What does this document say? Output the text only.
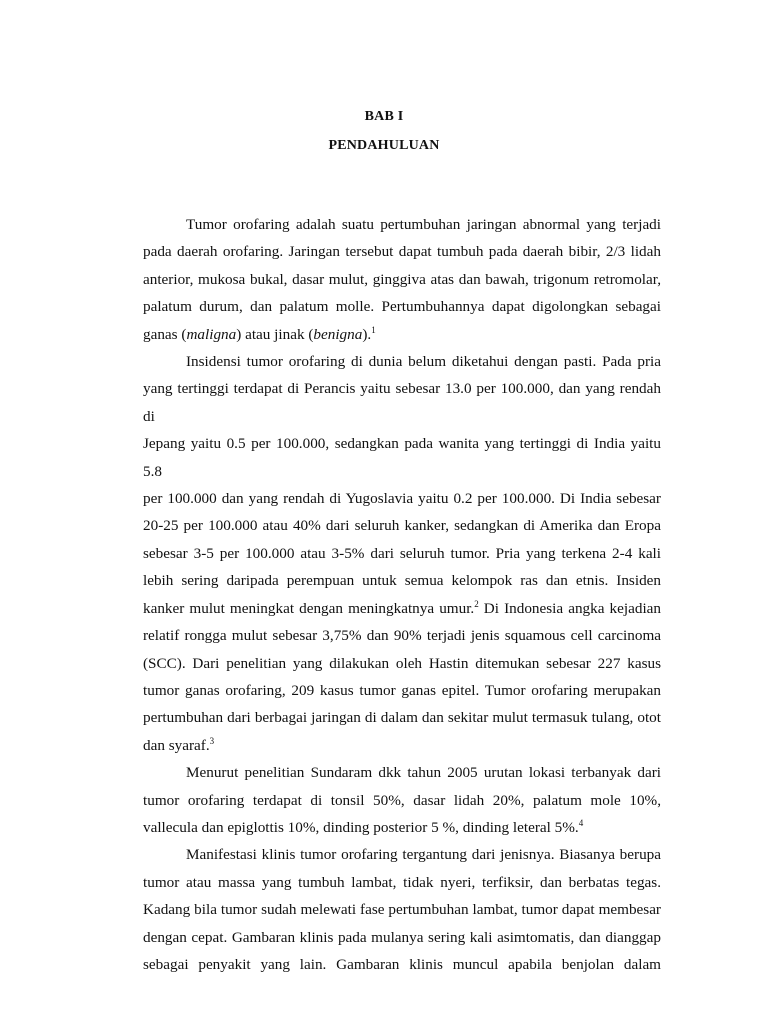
BAB I
PENDAHULUAN

Tumor orofaring adalah suatu pertumbuhan jaringan abnormal yang terjadi

pada daerah orofaring. Jaringan tersebut dapat tumbuh pada daerah bibir, 2/3 lidah

anterior, mukosa bukal, dasar mulut, ginggiva atas dan bawah, trigonum retromolar,

palatum durum, dan palatum molle. Pertumbuhannya dapat digolongkan sebagai

ganas (maligna) atau jinak (benigna).$^1$

Insidensi tumor orofaring di dunia belum diketahui dengan pasti. Pada pria

yang tertinggi terdapat di Perancis yaitu sebesar 13.0 per 100.000, dan yang rendah di

Jepang yaitu 0.5 per 100.000, sedangkan pada wanita yang tertinggi di India yaitu 5.8

per 100.000 dan yang rendah di Yugoslavia yaitu 0.2 per 100.000. Di India sebesar

20-25 per 100.000 atau 40% dari seluruh kanker, sedangkan di Amerika dan Eropa

sebesar 3-5 per 100.000 atau 3-5% dari seluruh tumor. Pria yang terkena 2-4 kali

lebih sering daripada perempuan untuk semua kelompok ras dan etnis. Insiden

kanker mulut meningkat dengan meningkatnya umur.$^2$ Di Indonesia angka kejadian

relatif rongga mulut sebesar 3,75% dan 90% terjadi jenis squamous cell carcinoma

(SCC). Dari penelitian yang dilakukan oleh Hastin ditemukan sebesar 227 kasus

tumor ganas orofaring, 209 kasus tumor ganas epitel. Tumor orofaring merupakan

pertumbuhan dari berbagai jaringan di dalam dan sekitar mulut termasuk tulang, otot

dan syaraf.$^3$

Menurut penelitian Sundaram dkk tahun 2005 urutan lokasi terbanyak dari

tumor orofaring terdapat di tonsil 50%, dasar lidah 20%, palatum mole 10%,

vallecula dan epiglottis 10%, dinding posterior 5 %, dinding leteral 5%.$^4$

Manifestasi klinis tumor orofaring tergantung dari jenisnya. Biasanya berupa

tumor atau massa yang tumbuh lambat, tidak nyeri, terfiksir, dan berbatas tegas.

Kadang bila tumor sudah melewati fase pertumbuhan lambat, tumor dapat membesar

dengan cepat. Gambaran klinis pada mulanya sering kali asimtomatis, dan dianggap

sebagai penyakit yang lain. Gambaran klinis muncul apabila benjolan dalam
